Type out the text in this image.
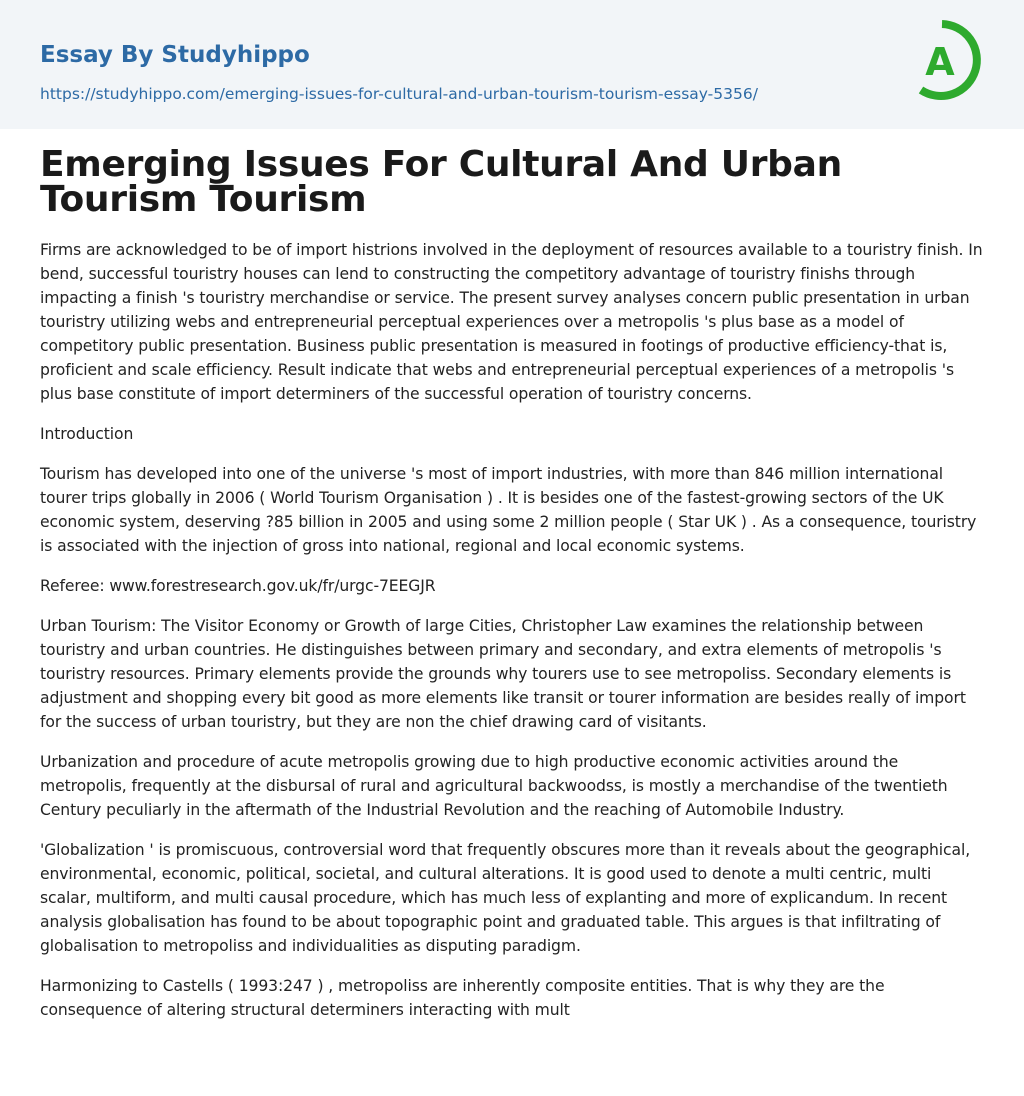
Essay By Studyhippo
https://studyhippo.com/emerging-issues-for-cultural-and-urban-tourism-tourism-essay-5356/
A
Emerging Issues For Cultural And Urban Tourism Tourism

Firms are acknowledged to be of import histrions involved in the deployment of resources available to a touristry finish. In bend, successful touristry houses can lend to constructing the competitory advantage of touristry finishs through impacting a finish 's touristry merchandise or service. The present survey analyses concern public presentation in urban touristry utilizing webs and entrepreneurial perceptual experiences over a metropolis 's plus base as a model of competitory public presentation. Business public presentation is measured in footings of productive efficiency-that is, proficient and scale efficiency. Result indicate that webs and entrepreneurial perceptual experiences of a metropolis 's plus base constitute of import determiners of the successful operation of touristry concerns.

Introduction

Tourism has developed into one of the universe 's most of import industries, with more than 846 million international tourer trips globally in 2006 ( World Tourism Organisation ) . It is besides one of the fastest-growing sectors of the UK economic system, deserving ?85 billion in 2005 and using some 2 million people ( Star UK ) . As a consequence, touristry is associated with the injection of gross into national, regional and local economic systems.

Referee: www.forestresearch.gov.uk/fr/urgc-7EEGJR

Urban Tourism: The Visitor Economy or Growth of large Cities, Christopher Law examines the relationship between touristry and urban countries. He distinguishes between primary and secondary, and extra elements of metropolis 's touristry resources. Primary elements provide the grounds why tourers use to see metropoliss. Secondary elements is adjustment and shopping every bit good as more elements like transit or tourer information are besides really of import for the success of urban touristry, but they are non the chief drawing card of visitants.

Urbanization and procedure of acute metropolis growing due to high productive economic activities around the metropolis, frequently at the disbursal of rural and agricultural backwoodss, is mostly a merchandise of the twentieth Century peculiarly in the aftermath of the Industrial Revolution and the reaching of Automobile Industry.

'Globalization ' is promiscuous, controversial word that frequently obscures more than it reveals about the geographical, environmental, economic, political, societal, and cultural alterations. It is good used to denote a multi centric, multi scalar, multiform, and multi causal procedure, which has much less of explanting and more of explicandum. In recent analysis globalisation has found to be about topographic point and graduated table. This argues is that infiltrating of globalisation to metropoliss and individualities as disputing paradigm.

Harmonizing to Castells ( 1993:247 ) , metropoliss are inherently composite entities. That is why they are the consequence of altering structural determiners interacting with mult
